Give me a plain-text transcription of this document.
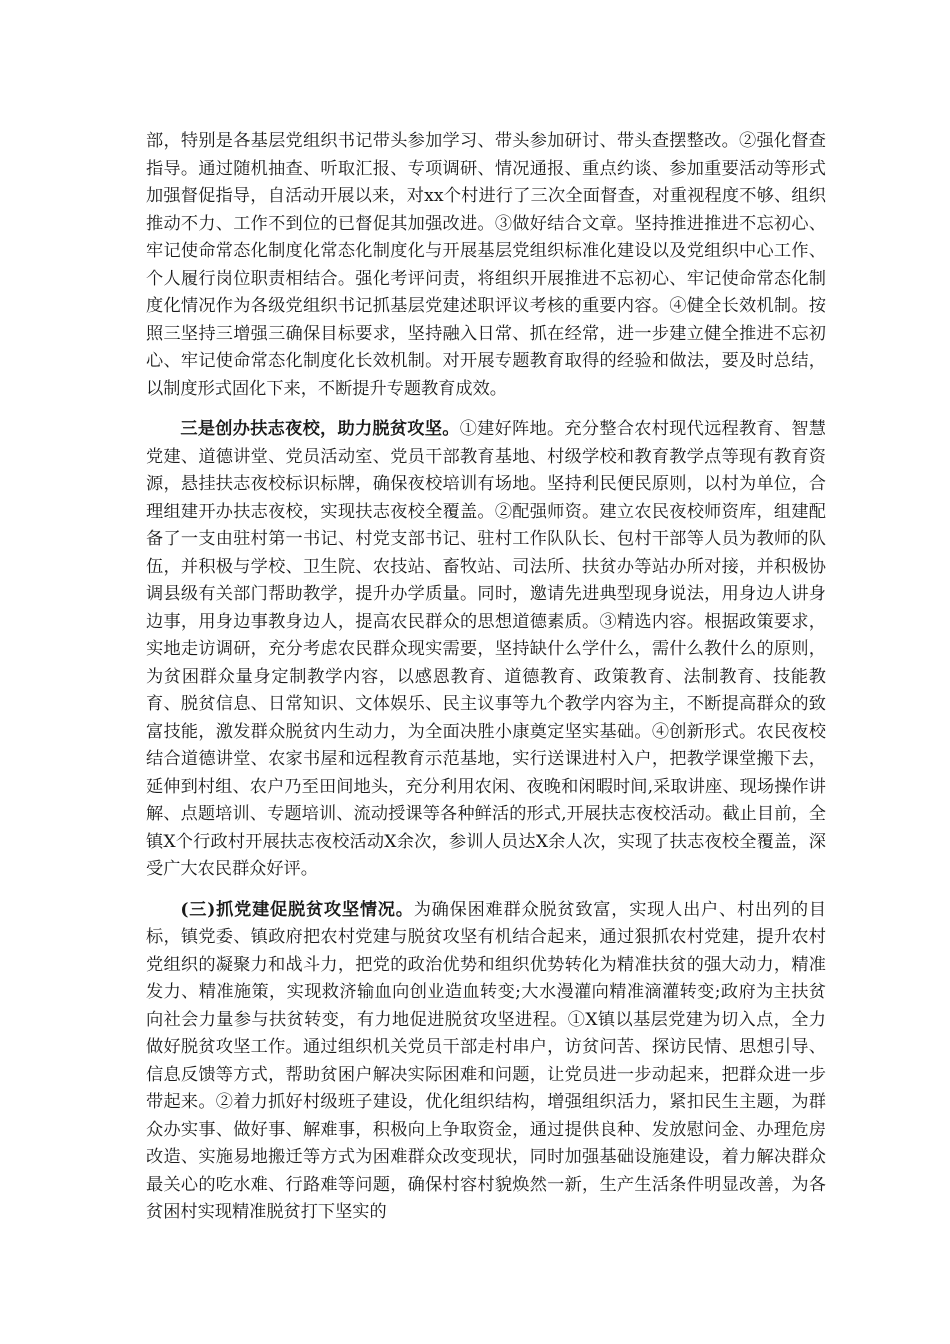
部，特别是各基层党组织书记带头参加学习、带头参加研讨、带头查摆整改。②强化督查指导。通过随机抽查、听取汇报、专项调研、情况通报、重点约谈、参加重要活动等形式加强督促指导，自活动开展以来，对xx个村进行了三次全面督查，对重视程度不够、组织推动不力、工作不到位的已督促其加强改进。③做好结合文章。坚持推进推进不忘初心、牢记使命常态化制度化常态化制度化与开展基层党组织标准化建设以及党组织中心工作、个人履行岗位职责相结合。强化考评问责，将组织开展推进不忘初心、牢记使命常态化制度化情况作为各级党组织书记抓基层党建述职评议考核的重要内容。④健全长效机制。按照三坚持三增强三确保目标要求，坚持融入日常、抓在经常，进一步建立健全推进不忘初心、牢记使命常态化制度化长效机制。对开展专题教育取得的经验和做法，要及时总结，以制度形式固化下来，不断提升专题教育成效。

三是创办扶志夜校，助力脱贫攻坚。①建好阵地。充分整合农村现代远程教育、智慧党建、道德讲堂、党员活动室、党员干部教育基地、村级学校和教育教学点等现有教育资源，悬挂扶志夜校标识标牌，确保夜校培训有场地。坚持利民便民原则，以村为单位，合理组建开办扶志夜校，实现扶志夜校全覆盖。②配强师资。建立农民夜校师资库，组建配备了一支由驻村第一书记、村党支部书记、驻村工作队队长、包村干部等人员为教师的队伍，并积极与学校、卫生院、农技站、畜牧站、司法所、扶贫办等站办所对接，并积极协调县级有关部门帮助教学，提升办学质量。同时，邀请先进典型现身说法，用身边人讲身边事，用身边事教身边人，提高农民群众的思想道德素质。③精选内容。根据政策要求，实地走访调研，充分考虑农民群众现实需要，坚持缺什么学什么，需什么教什么的原则，为贫困群众量身定制教学内容，以感恩教育、道德教育、政策教育、法制教育、技能教育、脱贫信息、日常知识、文体娱乐、民主议事等九个教学内容为主，不断提高群众的致富技能，激发群众脱贫内生动力，为全面决胜小康奠定坚实基础。④创新形式。农民夜校结合道德讲堂、农家书屋和远程教育示范基地，实行送课进村入户，把教学课堂搬下去，延伸到村组、农户乃至田间地头，充分利用农闲、夜晚和闲暇时间,采取讲座、现场操作讲解、点题培训、专题培训、流动授课等各种鲜活的形式,开展扶志夜校活动。截止目前，全镇X个行政村开展扶志夜校活动X余次，参训人员达X余人次，实现了扶志夜校全覆盖，深受广大农民群众好评。

(三)抓党建促脱贫攻坚情况。为确保困难群众脱贫致富，实现人出户、村出列的目标，镇党委、镇政府把农村党建与脱贫攻坚有机结合起来，通过狠抓农村党建，提升农村党组织的凝聚力和战斗力，把党的政治优势和组织优势转化为精准扶贫的强大动力，精准发力、精准施策，实现救济输血向创业造血转变;大水漫灌向精准滴灌转变;政府为主扶贫向社会力量参与扶贫转变，有力地促进脱贫攻坚进程。①X镇以基层党建为切入点，全力做好脱贫攻坚工作。通过组织机关党员干部走村串户，访贫问苦、探访民情、思想引导、信息反馈等方式，帮助贫困户解决实际困难和问题，让党员进一步动起来，把群众进一步带起来。②着力抓好村级班子建设，优化组织结构，增强组织活力，紧扣民生主题，为群众办实事、做好事、解难事，积极向上争取资金，通过提供良种、发放慰问金、办理危房改造、实施易地搬迁等方式为困难群众改变现状，同时加强基础设施建设，着力解决群众最关心的吃水难、行路难等问题，确保村容村貌焕然一新，生产生活条件明显改善，为各贫困村实现精准脱贫打下坚实的
